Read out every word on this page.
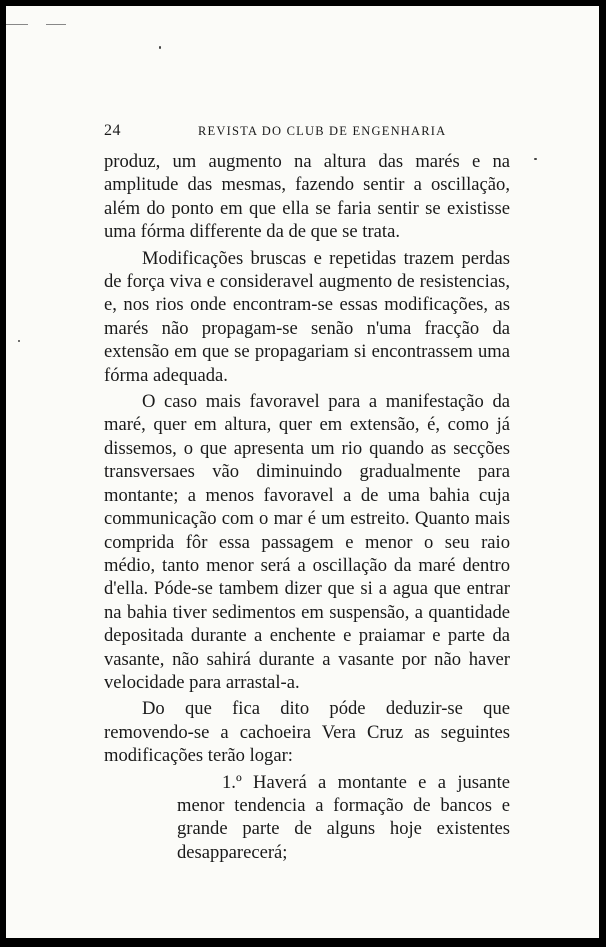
24	REVISTA DO CLUB DE ENGENHARIA

produz, um augmento na altura das marés e na amplitude das mesmas, fazendo sentir a oscillação, além do ponto em que ella se faria sentir se existisse uma fórma differente da de que se trata.

Modificações bruscas e repetidas trazem perdas de força viva e consideravel augmento de resistencias, e, nos rios onde encontram-se essas modificações, as marés não propagam-se senão n'uma fracção da extensão em que se propagariam si encontrassem uma fórma adequada.

O caso mais favoravel para a manifestação da maré, quer em altura, quer em extensão, é, como já dissemos, o que apresenta um rio quando as secções transversaes vão diminuindo gradualmente para montante; a menos favoravel a de uma bahia cuja communicação com o mar é um estreito. Quanto mais comprida fôr essa passagem e menor o seu raio médio, tanto menor será a oscillação da maré dentro d'ella. Póde-se tambem dizer que si a agua que entrar na bahia tiver sedimentos em suspensão, a quantidade depositada durante a enchente e praiamar e parte da vasante, não sahirá durante a vasante por não haver velocidade para arrastal-a.

Do que fica dito póde deduzir-se que removendo-se a cachoeira Vera Cruz as seguintes modificações terão logar:

1.º Haverá a montante e a jusante menor tendencia a formação de bancos e grande parte de alguns hoje existentes desapparecerá;
